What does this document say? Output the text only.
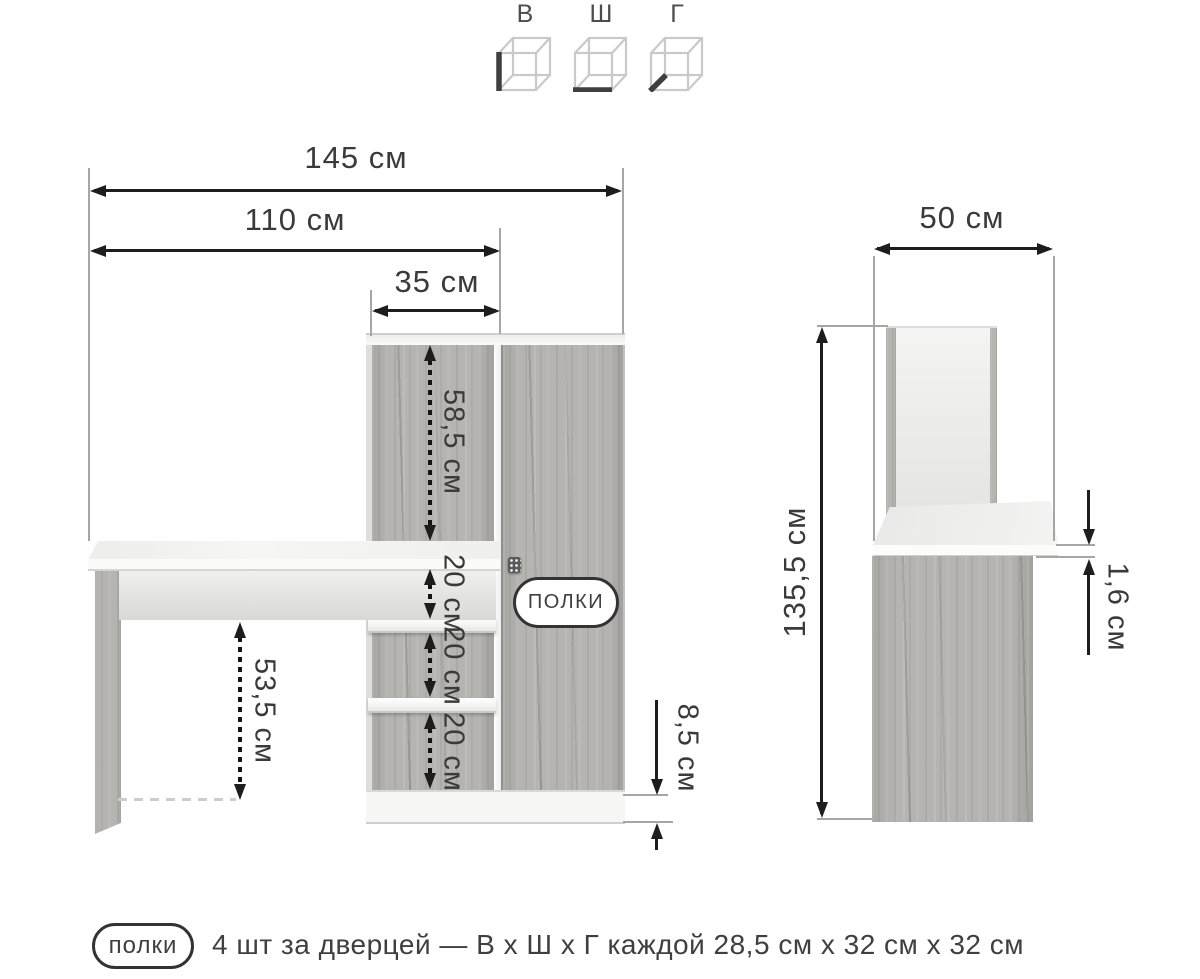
В	Ш	Г
ПОЛКИ
145 см
110 см
35 см
58,5 см
20 см
20 см
20 см
53,5 см	8,5 см
50 см
135,5 см	1,6 см
полки 4 шт за дверцей — В х Ш х Г каждой 28,5 см х 32 см х 32 см
